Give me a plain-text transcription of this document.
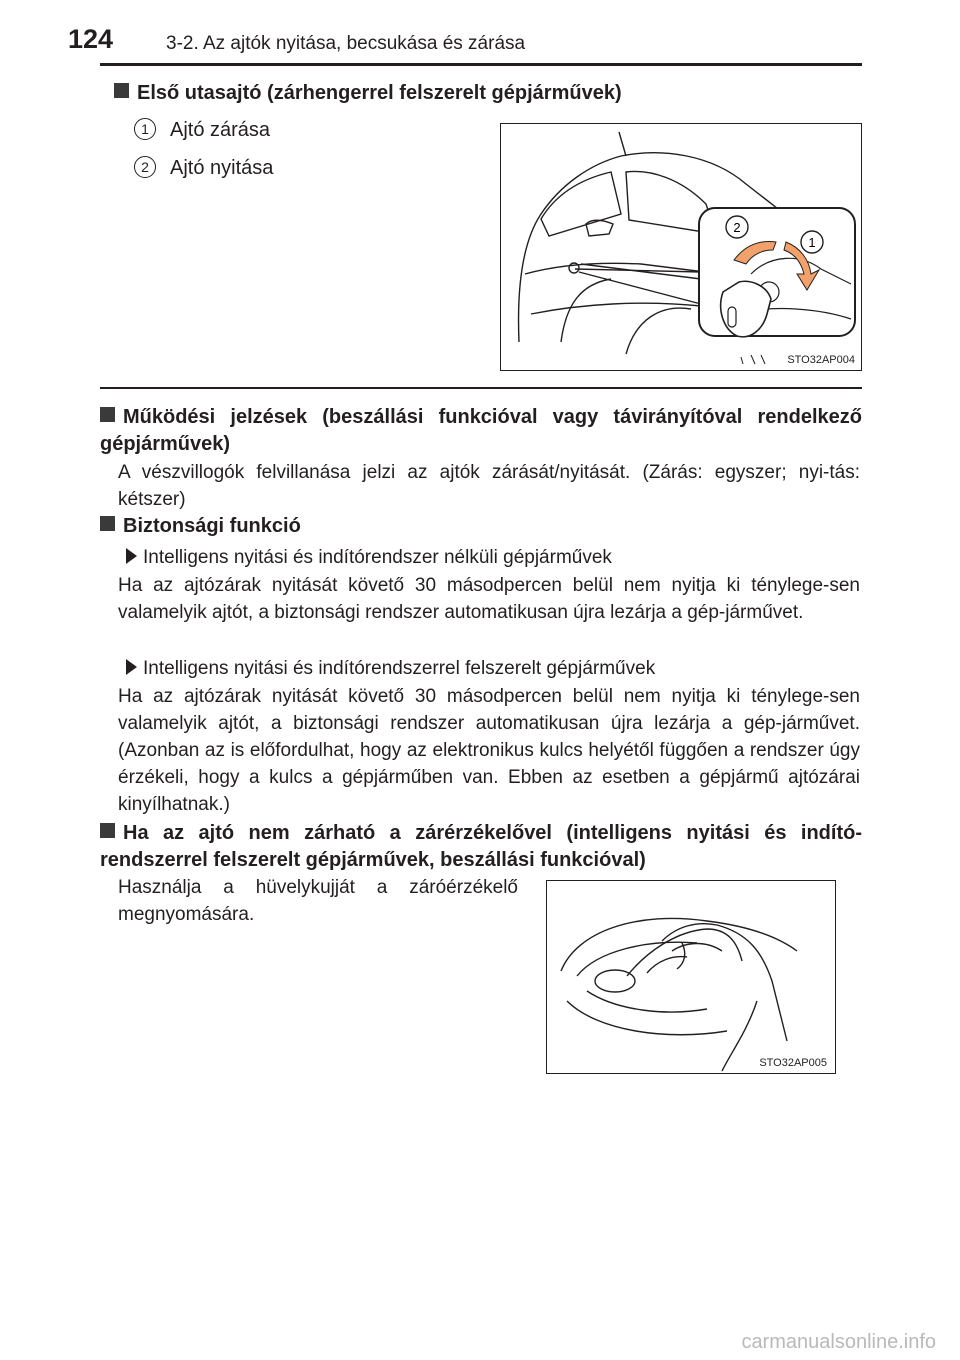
124	3-2. Az ajtók nyitása, becsukása és zárása
Első utasajtó (zárhengerrel felszerelt gépjárművek)
1 Ajtó zárása
2 Ajtó nyitása
2
1
STO32AP004
Működési jelzések (beszállási funkcióval vagy távirányítóval rendelkező gépjárművek)
A vészvillogók felvillanása jelzi az ajtók zárását/nyitását. (Zárás: egyszer; nyi-tás: kétszer)
Biztonsági funkció
Intelligens nyitási és indítórendszer nélküli gépjárművek
Ha az ajtózárak nyitását követő 30 másodpercen belül nem nyitja ki ténylege-sen valamelyik ajtót, a biztonsági rendszer automatikusan újra lezárja a gép-járművet.
Intelligens nyitási és indítórendszerrel felszerelt gépjárművek
Ha az ajtózárak nyitását követő 30 másodpercen belül nem nyitja ki ténylege-sen valamelyik ajtót, a biztonsági rendszer automatikusan újra lezárja a gép-járművet. (Azonban az is előfordulhat, hogy az elektronikus kulcs helyétől függően a rendszer úgy érzékeli, hogy a kulcs a gépjárműben van. Ebben az esetben a gépjármű ajtózárai kinyílhatnak.)
Ha az ajtó nem zárható a zárérzékelővel (intelligens nyitási és indító-rendszerrel felszerelt gépjárművek, beszállási funkcióval)
Használja a hüvelykujját a záróérzékelő megnyomására.
STO32AP005
carmanualsonline.info
